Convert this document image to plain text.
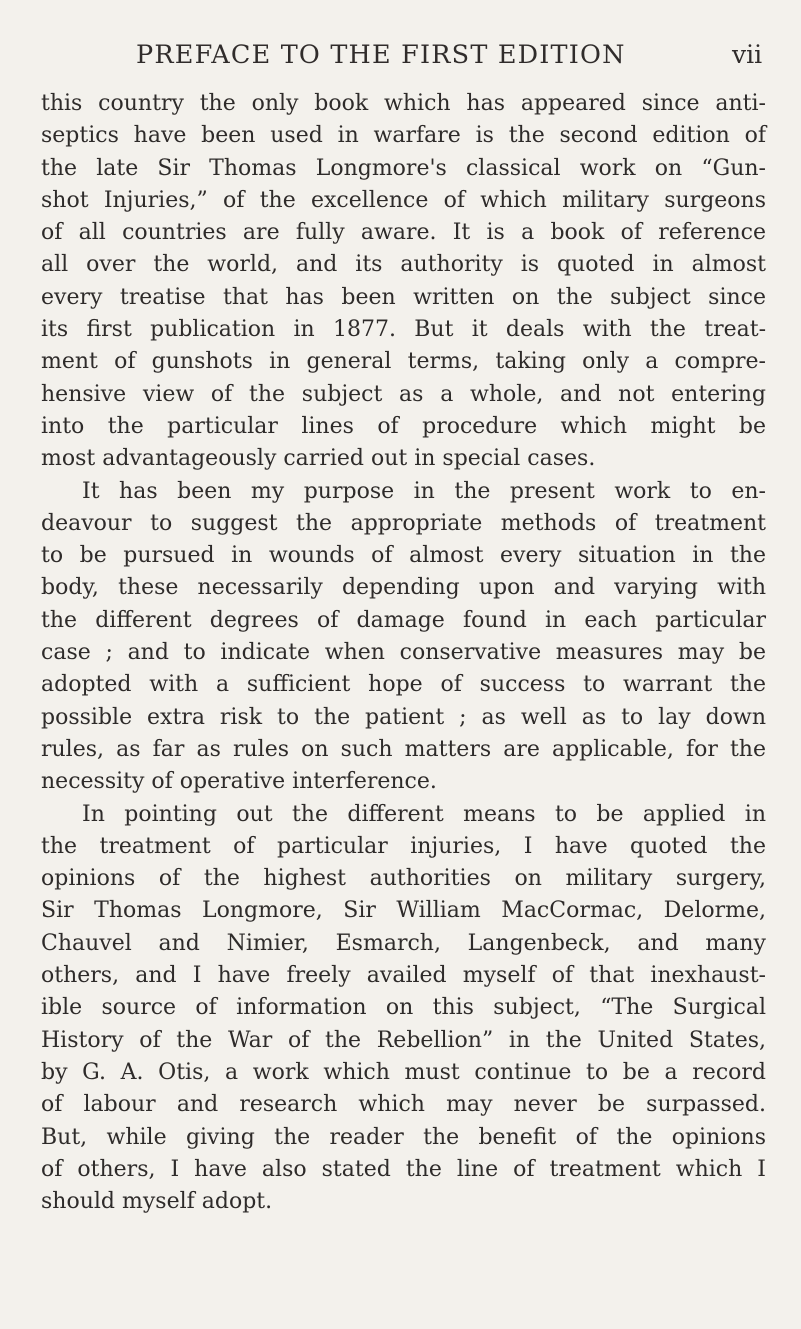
PREFACE TO THE FIRST EDITION	vii
this country the only book which has appeared since anti-
septics have been used in warfare is the second edition of
the late Sir Thomas Longmore's classical work on “Gun-
shot Injuries,” of the excellence of which military surgeons
of all countries are fully aware. It is a book of reference
all over the world, and its authority is quoted in almost
every treatise that has been written on the subject since
its first publication in 1877. But it deals with the treat-
ment of gunshots in general terms, taking only a compre-
hensive view of the subject as a whole, and not entering
into the particular lines of procedure which might be
most advantageously carried out in special cases.
It has been my purpose in the present work to en-
deavour to suggest the appropriate methods of treatment
to be pursued in wounds of almost every situation in the
body, these necessarily depending upon and varying with
the different degrees of damage found in each particular
case ; and to indicate when conservative measures may be
adopted with a sufficient hope of success to warrant the
possible extra risk to the patient ; as well as to lay down
rules, as far as rules on such matters are applicable, for the
necessity of operative interference.
In pointing out the different means to be applied in
the treatment of particular injuries, I have quoted the
opinions of the highest authorities on military surgery,
Sir Thomas Longmore, Sir William MacCormac, Delorme,
Chauvel and Nimier, Esmarch, Langenbeck, and many
others, and I have freely availed myself of that inexhaust-
ible source of information on this subject, “The Surgical
History of the War of the Rebellion” in the United States,
by G. A. Otis, a work which must continue to be a record
of labour and research which may never be surpassed.
But, while giving the reader the benefit of the opinions
of others, I have also stated the line of treatment which I
should myself adopt.
